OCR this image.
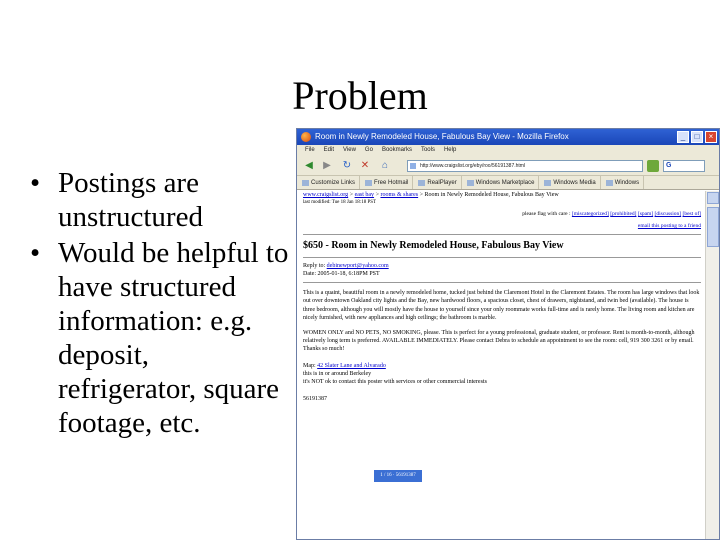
Problem
• Postings are unstructured
• Would be helpful to have structured information: e.g. deposit, refrigerator, square footage, etc.
Room in Newly Remodeled House, Fabulous Bay View - Mozilla Firefox	_	□	×
File Edit View Go Bookmarks Tools Help
◀ ▶ ↻ ✕ ⌂	http://www.craigslist.org/eby/roo/56191387.html	G
Customize Links	Free Hotmail	RealPlayer	Windows Marketplace	Windows Media	Windows
www.craigslist.org > east bay > rooms & shares > Room in Newly Remodeled House, Fabulous Bay View
last modified: Tue 18 Jan 18:18 PST
please flag with care : [miscategorized] [prohibited] [spam] [discussion] [best of]
email this posting to a friend
$650 - Room in Newly Remodeled House, Fabulous Bay View
Reply to: debinewport@yahoo.com
Date: 2005-01-18, 6:18PM PST
This is a quaint, beautiful room in a newly remodeled home, tucked just behind the Claremont Hotel in the Claremont Estates. The room has large windows that look out over downtown Oakland city lights and the Bay, new hardwood floors, a spacious closet, chest of drawers, nightstand, and twin bed (available). The house is three bedroom, although you will mostly have the house to yourself since your only roommate works full-time and is rarely home. The living room and kitchen are nicely furnished, with new appliances and high ceilings; the bathroom is marble.
WOMEN ONLY and NO PETS, NO SMOKING, please. This is perfect for a young professional, graduate student, or professor. Rent is month-to-month, although relatively long term is preferred. AVAILABLE IMMEDIATELY. Please contact Debra to schedule an appointment to see the room: cell, 919 300 3261 or by email.
Thanks so much!
Map: 42 Slater Lane and Alvarado
this is in or around Berkeley
it's NOT ok to contact this poster with services or other commercial interests
56191387
1 / 16 · 56191387
